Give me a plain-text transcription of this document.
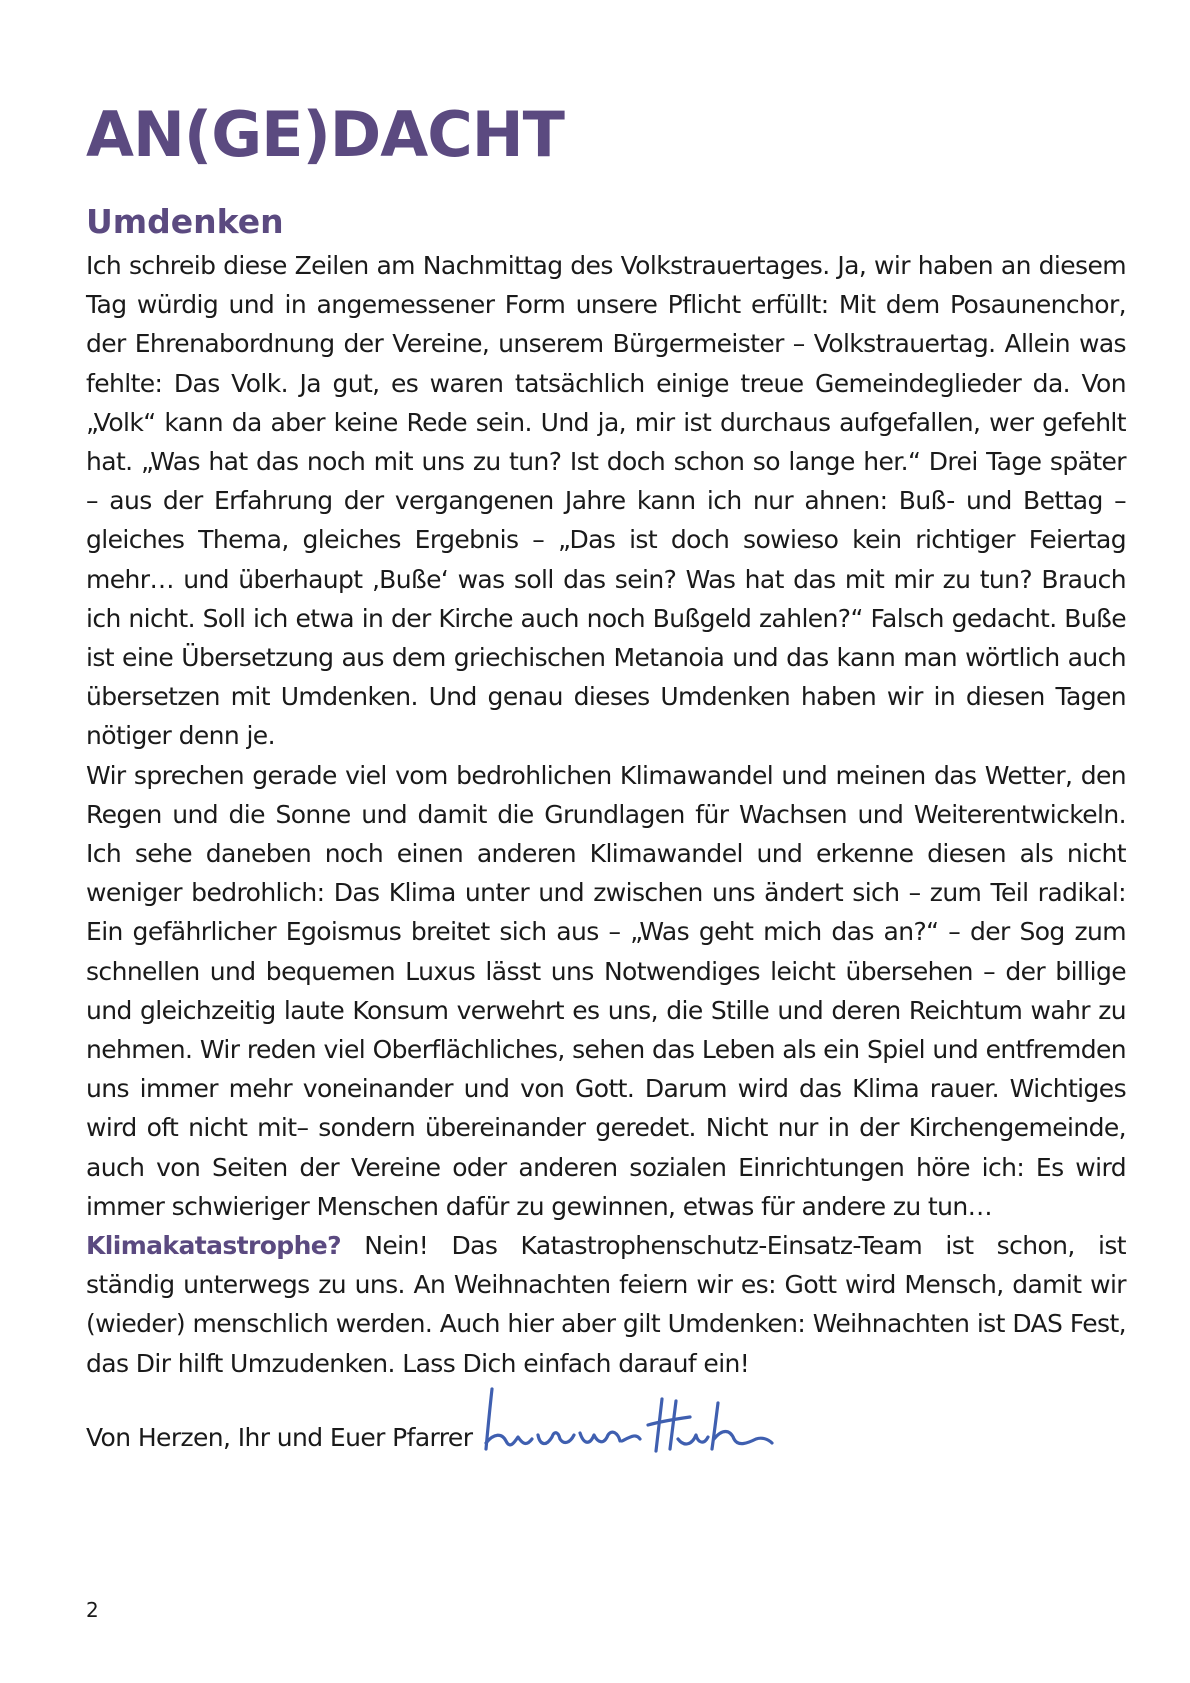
AN(GE)DACHT
Umdenken

Ich schreib diese Zeilen am Nachmittag des Volkstrauertages. Ja, wir haben an diesem Tag würdig und in angemessener Form unsere Pflicht erfüllt: Mit dem Posaunenchor, der Ehrenabordnung der Vereine, unserem Bürgermeister – Volkstrauertag. Allein was fehlte: Das Volk. Ja gut, es waren tatsächlich einige treue Gemeindeglieder da. Von „Volk“ kann da aber keine Rede sein. Und ja, mir ist durchaus aufgefallen, wer gefehlt hat. „Was hat das noch mit uns zu tun? Ist doch schon so lange her.“ Drei Tage später – aus der Erfahrung der vergangenen Jahre kann ich nur ahnen: Buß- und Bettag – gleiches Thema, gleiches Ergebnis – „Das ist doch sowieso kein richtiger Feiertag mehr… und überhaupt ‚Buße‘ was soll das sein? Was hat das mit mir zu tun? Brauch ich nicht. Soll ich etwa in der Kirche auch noch Bußgeld zahlen?“ Falsch gedacht. Buße ist eine Übersetzung aus dem griechischen Metanoia und das kann man wörtlich auch übersetzen mit Umdenken. Und genau dieses Umdenken haben wir in diesen Tagen nötiger denn je.

Wir sprechen gerade viel vom bedrohlichen Klimawandel und meinen das Wetter, den Regen und die Sonne und damit die Grundlagen für Wachsen und Weiterentwickeln. Ich sehe daneben noch einen anderen Klimawandel und erkenne diesen als nicht weniger bedrohlich: Das Klima unter und zwischen uns ändert sich – zum Teil radikal: Ein gefährlicher Egoismus breitet sich aus – „Was geht mich das an?“ – der Sog zum schnellen und bequemen Luxus lässt uns Notwendiges leicht übersehen – der billige und gleichzeitig laute Konsum verwehrt es uns, die Stille und deren Reichtum wahr zu nehmen. Wir reden viel Oberflächliches, sehen das Leben als ein Spiel und entfremden uns immer mehr voneinander und von Gott. Darum wird das Klima rauer. Wichtiges wird oft nicht mit– sondern übereinander geredet. Nicht nur in der Kirchengemeinde, auch von Seiten der Vereine oder anderen sozialen Einrichtungen höre ich: Es wird immer schwieriger Menschen dafür zu gewinnen, etwas für andere zu tun…

Klimakatastrophe? Nein! Das Katastrophenschutz-Einsatz-Team ist schon, ist ständig unterwegs zu uns. An Weihnachten feiern wir es: Gott wird Mensch, damit wir (wieder) menschlich werden. Auch hier aber gilt Umdenken: Weihnachten ist DAS Fest, das Dir hilft Umzudenken. Lass Dich einfach darauf ein!

Von Herzen, Ihr und Euer Pfarrer

2
